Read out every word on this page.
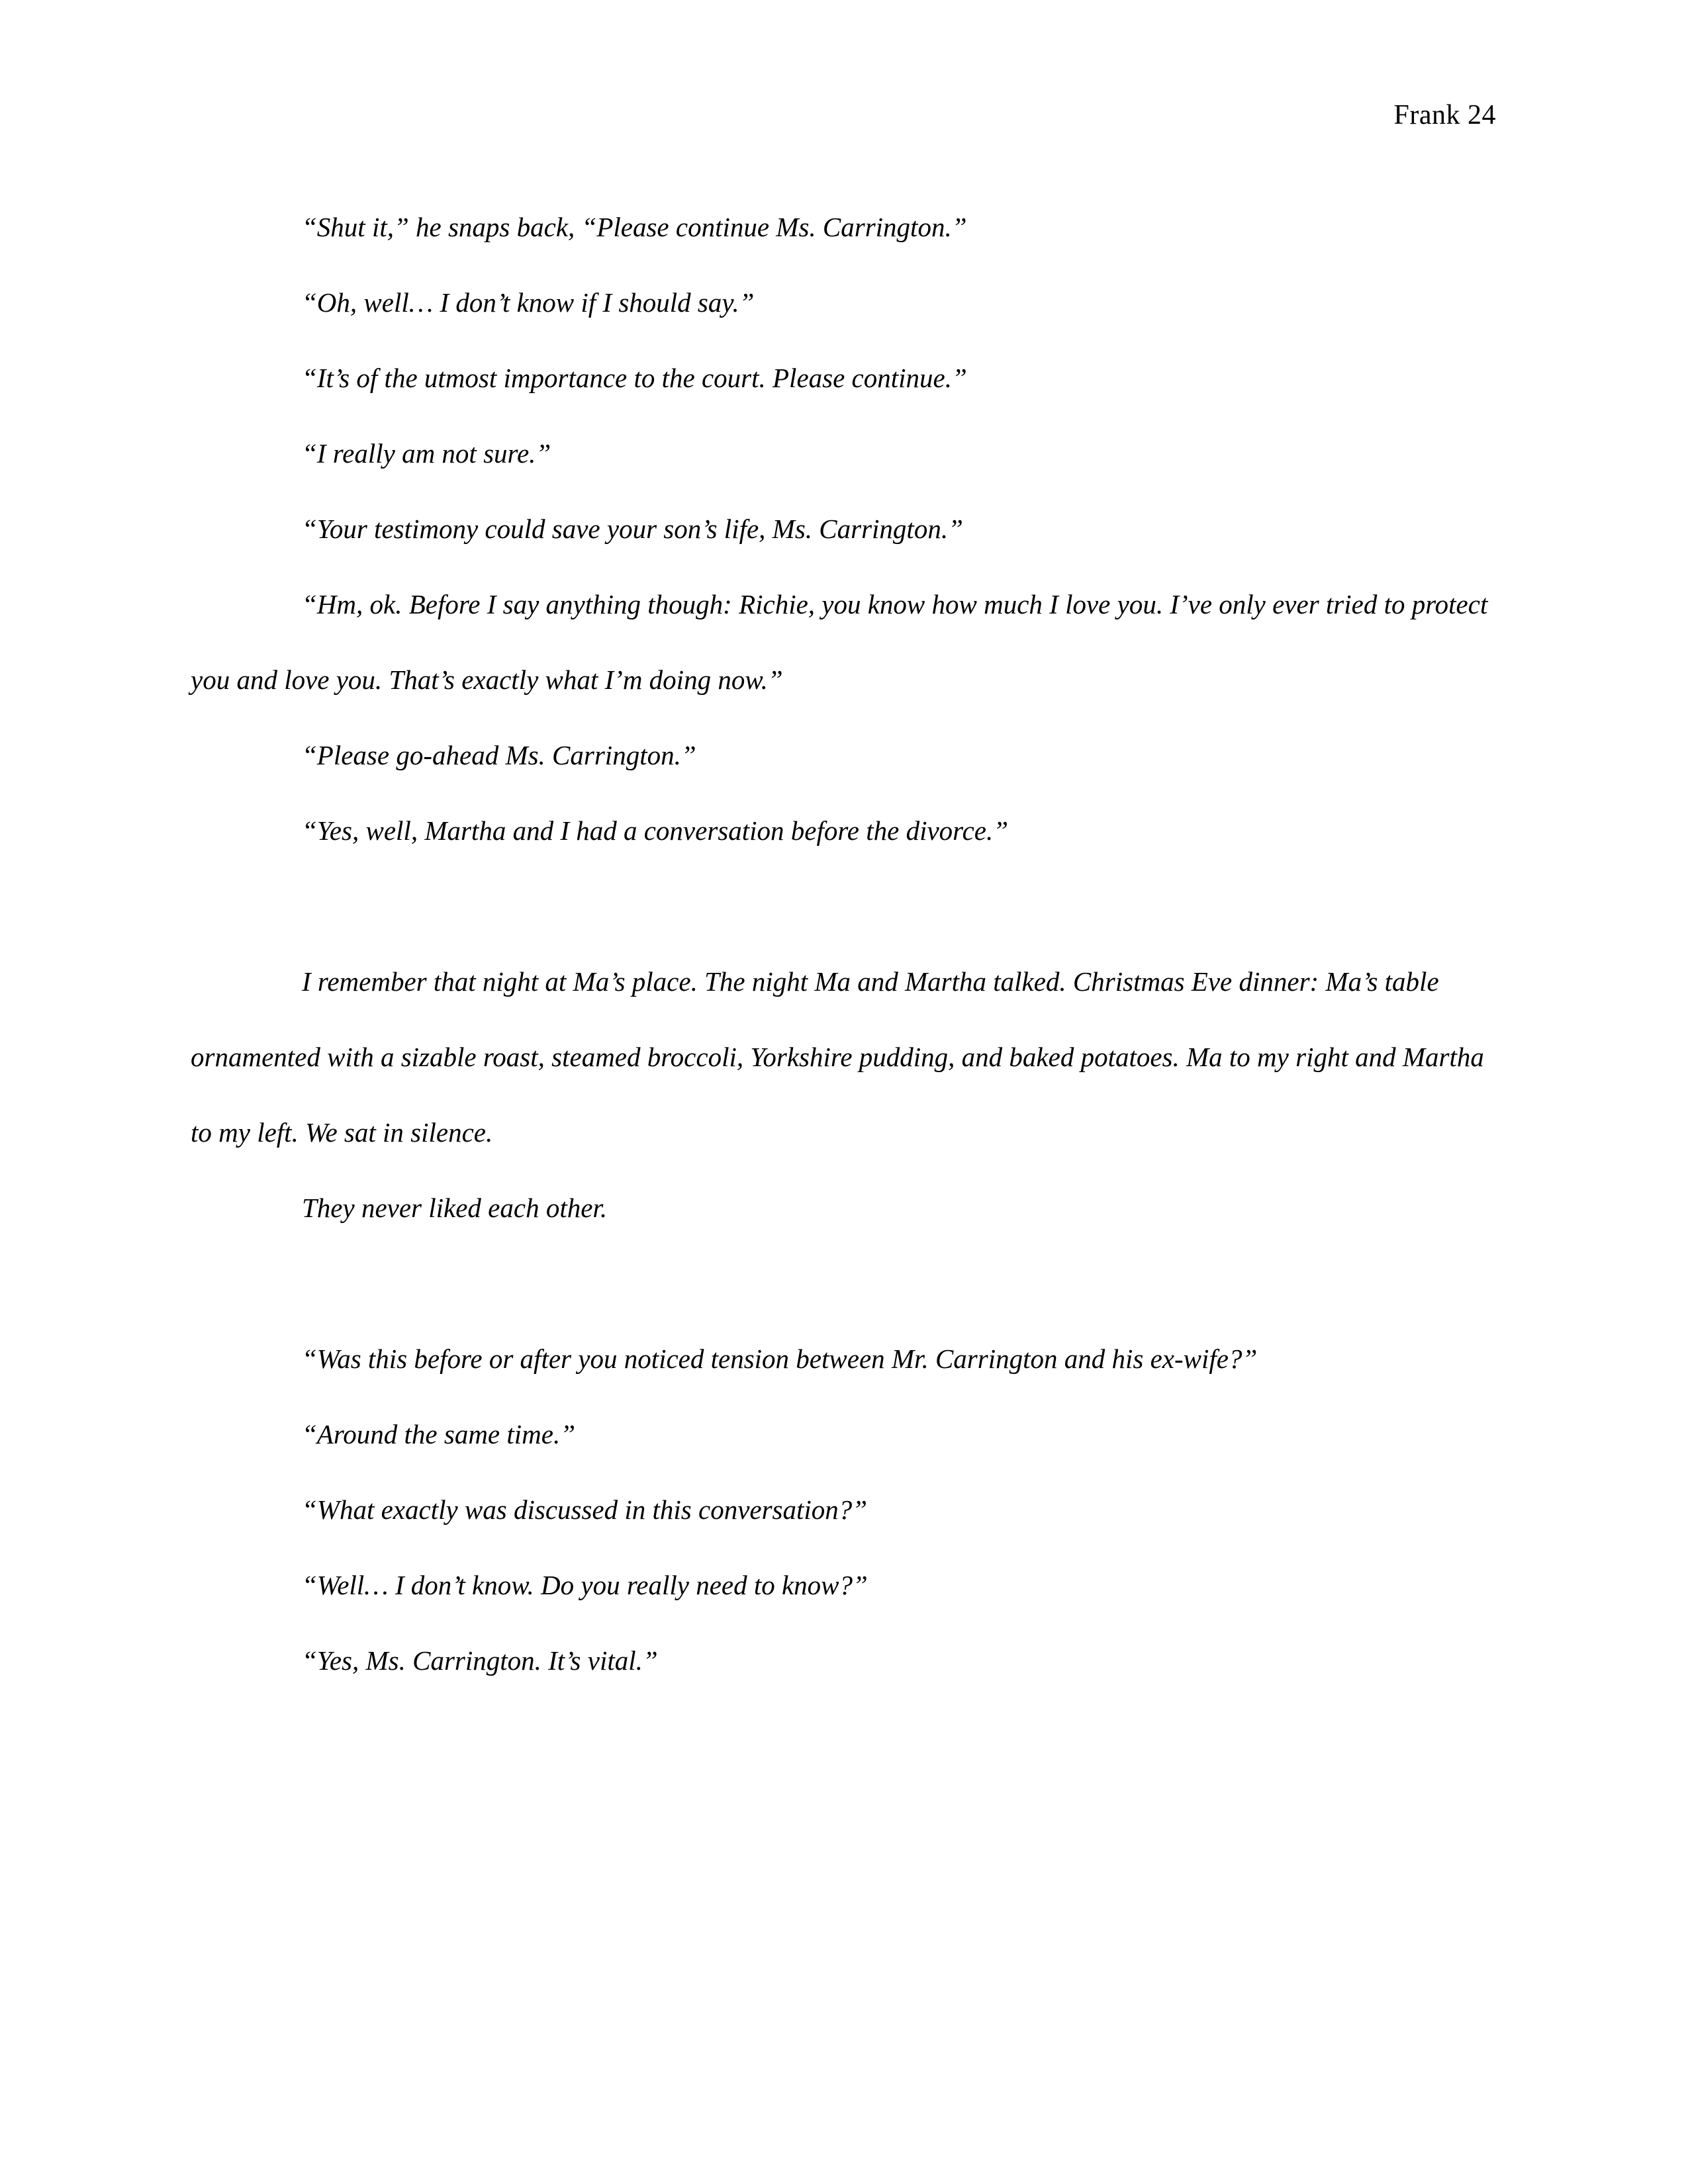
Frank 24

“Shut it,” he snaps back, “Please continue Ms. Carrington.”

“Oh, well… I don’t know if I should say.”

“It’s of the utmost importance to the court. Please continue.”

“I really am not sure.”

“Your testimony could save your son’s life, Ms. Carrington.”

“Hm, ok. Before I say anything though: Richie, you know how much I love you. I’ve only ever tried to protect you and love you. That’s exactly what I’m doing now.”

“Please go-ahead Ms. Carrington.”

“Yes, well, Martha and I had a conversation before the divorce.”

I remember that night at Ma’s place. The night Ma and Martha talked. Christmas Eve dinner: Ma’s table ornamented with a sizable roast, steamed broccoli, Yorkshire pudding, and baked potatoes. Ma to my right and Martha to my left. We sat in silence.

They never liked each other.

“Was this before or after you noticed tension between Mr. Carrington and his ex-wife?”

“Around the same time.”

“What exactly was discussed in this conversation?”

“Well… I don’t know. Do you really need to know?”

“Yes, Ms. Carrington. It’s vital.”
